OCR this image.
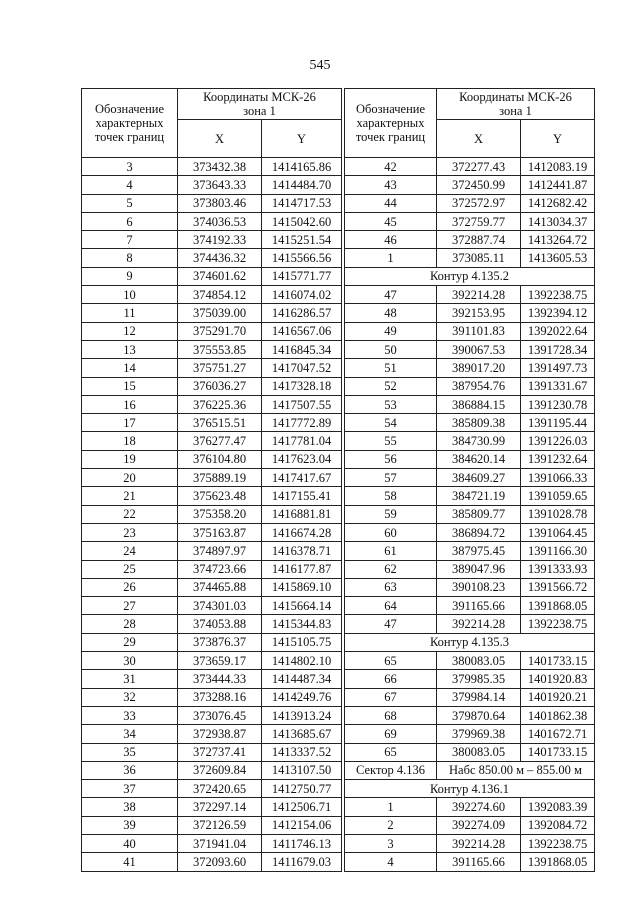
545
Обозначение
характерных
точек границ	Координаты МСК-26
зона 1	
	X	Y
3	373432.38	1414165.86
4	373643.33	1414484.70
5	373803.46	1414717.53
6	374036.53	1415042.60
7	374192.33	1415251.54
8	374436.32	1415566.56
9	374601.62	1415771.77
10	374854.12	1416074.02
11	375039.00	1416286.57
12	375291.70	1416567.06
13	375553.85	1416845.34
14	375751.27	1417047.52
15	376036.27	1417328.18
16	376225.36	1417507.55
17	376515.51	1417772.89
18	376277.47	1417781.04
19	376104.80	1417623.04
20	375889.19	1417417.67
21	375623.48	1417155.41
22	375358.20	1416881.81
23	375163.87	1416674.28
24	374897.97	1416378.71
25	374723.66	1416177.87
26	374465.88	1415869.10
27	374301.03	1415664.14
28	374053.88	1415344.83
29	373876.37	1415105.75
30	373659.17	1414802.10
31	373444.33	1414487.34
32	373288.16	1414249.76
33	373076.45	1413913.24
34	372938.87	1413685.67
35	372737.41	1413337.52
36	372609.84	1413107.50
37	372420.65	1412750.77
38	372297.14	1412506.71
39	372126.59	1412154.06
40	371941.04	1411746.13
41	372093.60	1411679.03
Обозначение
характерных
точек границ	Координаты МСК-26
зона 1	
	X	Y
42	372277.43	1412083.19
43	372450.99	1412441.87
44	372572.97	1412682.42
45	372759.77	1413034.37
46	372887.74	1413264.72
1	373085.11	1413605.53
Контур 4.135.2		
47	392214.28	1392238.75
48	392153.95	1392394.12
49	391101.83	1392022.64
50	390067.53	1391728.34
51	389017.20	1391497.73
52	387954.76	1391331.67
53	386884.15	1391230.78
54	385809.38	1391195.44
55	384730.99	1391226.03
56	384620.14	1391232.64
57	384609.27	1391066.33
58	384721.19	1391059.65
59	385809.77	1391028.78
60	386894.72	1391064.45
61	387975.45	1391166.30
62	389047.96	1391333.93
63	390108.23	1391566.72
64	391165.66	1391868.05
47	392214.28	1392238.75
Контур 4.135.3		
65	380083.05	1401733.15
66	379985.35	1401920.83
67	379984.14	1401920.21
68	379870.64	1401862.38
69	379969.38	1401672.71
65	380083.05	1401733.15
Сектор 4.136	Набс 850.00 м – 855.00 м	
Контур 4.136.1		
1	392274.60	1392083.39
2	392274.09	1392084.72
3	392214.28	1392238.75
4	391165.66	1391868.05
